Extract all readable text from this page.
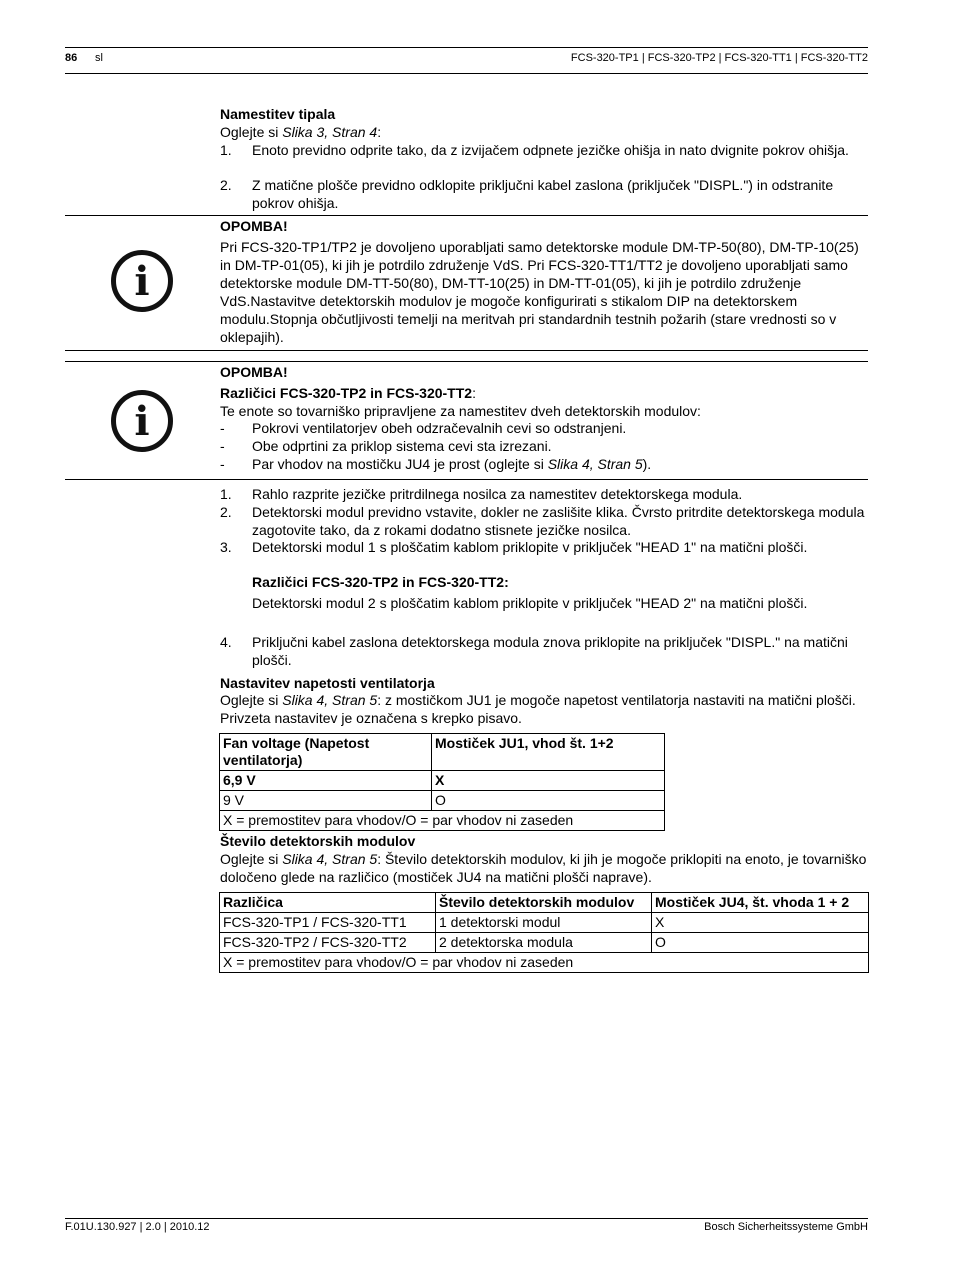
86 sl	FCS-320-TP1 | FCS-320-TP2 | FCS-320-TT1 | FCS-320-TT2
Namestitev tipala
Oglejte si Slika 3, Stran 4:
1.	Enoto previdno odprite tako, da z izvijačem odpnete jezičke ohišja in nato dvignite pokrov ohišja.
2.	Z matične plošče previdno odklopite priključni kabel zaslona (priključek "DISPL.") in odstranite pokrov ohišja.
i
OPOMBA!
Pri FCS-320-TP1/TP2 je dovoljeno uporabljati samo detektorske module DM-TP-50(80), DM-TP-10(25) in DM-TP-01(05), ki jih je potrdilo združenje VdS. Pri FCS-320-TT1/TT2 je dovoljeno uporabljati samo detektorske module DM-TT-50(80), DM-TT-10(25) in DM-TT-01(05), ki jih je potrdilo združenje VdS.Nastavitve detektorskih modulov je mogoče konfigurirati s stikalom DIP na detektorskem modulu.Stopnja občutljivosti temelji na meritvah pri standardnih testnih požarih (stare vrednosti so v oklepajih).
i
OPOMBA!
Različici FCS-320-TP2 in FCS-320-TT2:
Te enote so tovarniško pripravljene za namestitev dveh detektorskih modulov:
-	Pokrovi ventilatorjev obeh odzračevalnih cevi so odstranjeni.
-	Obe odprtini za priklop sistema cevi sta izrezani.
-	Par vhodov na mostičku JU4 je prost (oglejte si Slika 4, Stran 5).
1.	Rahlo razprite jezičke pritrdilnega nosilca za namestitev detektorskega modula.
2.	Detektorski modul previdno vstavite, dokler ne zaslišite klika. Čvrsto pritrdite detektorskega modula zagotovite tako, da z rokami dodatno stisnete jezičke nosilca.
3.	Detektorski modul 1 s ploščatim kablom priklopite v priključek "HEAD 1" na matični plošči.
Različici FCS-320-TP2 in FCS-320-TT2:
Detektorski modul 2 s ploščatim kablom priklopite v priključek "HEAD 2" na matični plošči.
4.	Priključni kabel zaslona detektorskega modula znova priklopite na priključek "DISPL." na matični plošči.
Nastavitev napetosti ventilatorja
Oglejte si Slika 4, Stran 5: z mostičkom JU1 je mogoče napetost ventilatorja nastaviti na matični plošči. Privzeta nastavitev je označena s krepko pisavo.
Fan voltage (Napetost ventilatorja)	Mostiček JU1, vhod št. 1+2
6,9 V	X
9 V	O
X = premostitev para vhodov/O = par vhodov ni zaseden	
Število detektorskih modulov
Oglejte si Slika 4, Stran 5: Število detektorskih modulov, ki jih je mogoče priklopiti na enoto, je tovarniško določeno glede na različico (mostiček JU4 na matični plošči naprave).
Različica	Število detektorskih modulov	Mostiček JU4, št. vhoda 1 + 2
FCS-320-TP1 / FCS-320-TT1	1 detektorski modul	X
FCS-320-TP2 / FCS-320-TT2	2 detektorska modula	O
X = premostitev para vhodov/O = par vhodov ni zaseden		
F.01U.130.927 | 2.0 | 2010.12	Bosch Sicherheitssysteme GmbH
